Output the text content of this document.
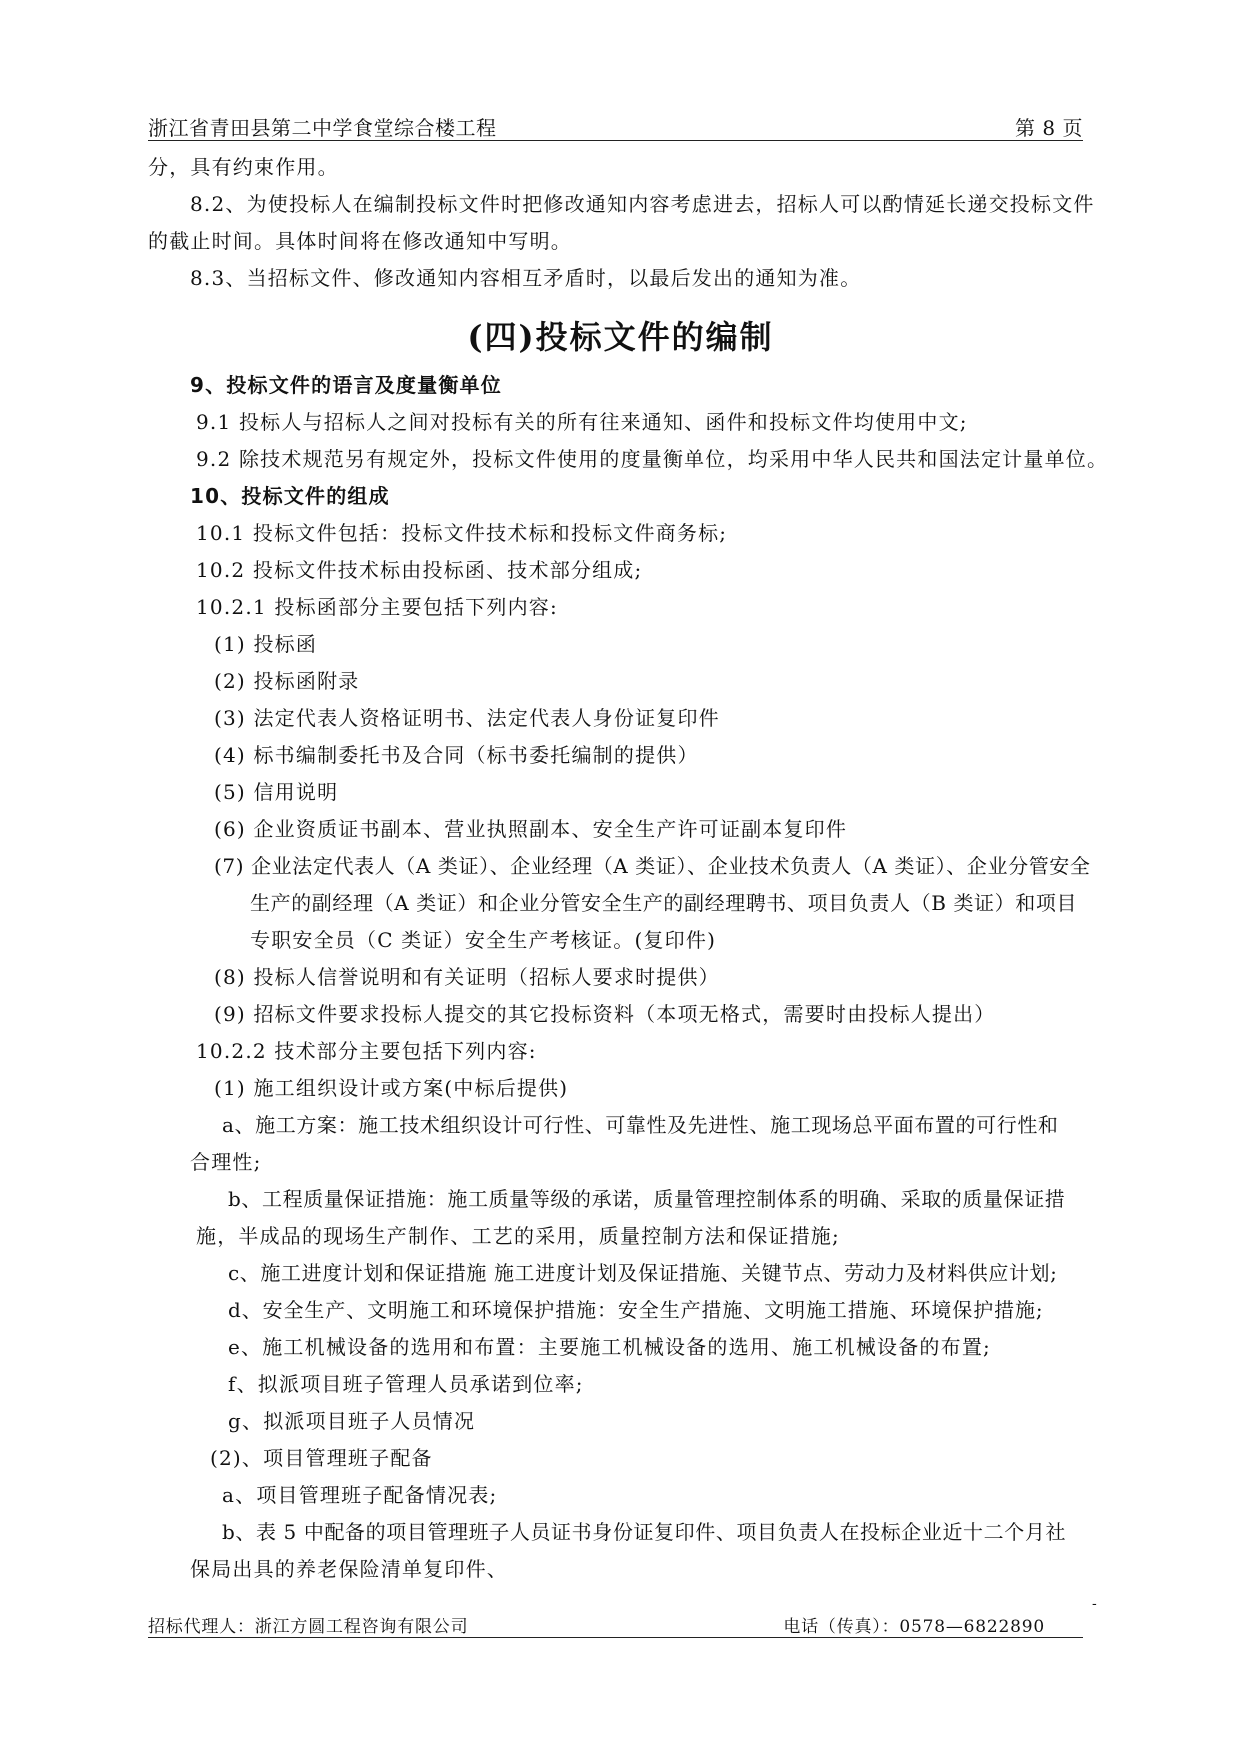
浙江省青田县第二中学食堂综合楼工程	第 8 页
分，具有约束作用。
8.2、为使投标人在编制投标文件时把修改通知内容考虑进去，招标人可以酌情延长递交投标文件
的截止时间。具体时间将在修改通知中写明。
8.3、当招标文件、修改通知内容相互矛盾时，以最后发出的通知为准。
(四)投标文件的编制
9、投标文件的语言及度量衡单位
9.1 投标人与招标人之间对投标有关的所有往来通知、函件和投标文件均使用中文;
9.2 除技术规范另有规定外，投标文件使用的度量衡单位，均采用中华人民共和国法定计量单位。
10、投标文件的组成
10.1 投标文件包括：投标文件技术标和投标文件商务标;
10.2 投标文件技术标由投标函、技术部分组成;
10.2.1 投标函部分主要包括下列内容:
(1) 投标函
(2) 投标函附录
(3) 法定代表人资格证明书、法定代表人身份证复印件
(4) 标书编制委托书及合同（标书委托编制的提供）
(5) 信用说明
(6) 企业资质证书副本、营业执照副本、安全生产许可证副本复印件
(7) 企业法定代表人（A 类证）、企业经理（A 类证）、企业技术负责人（A 类证）、企业分管安全
生产的副经理（A 类证）和企业分管安全生产的副经理聘书、项目负责人（B 类证）和项目
专职安全员（C 类证）安全生产考核证。(复印件)
(8) 投标人信誉说明和有关证明（招标人要求时提供）
(9) 招标文件要求投标人提交的其它投标资料（本项无格式，需要时由投标人提出）
10.2.2 技术部分主要包括下列内容:
(1) 施工组织设计或方案(中标后提供)
a、施工方案：施工技术组织设计可行性、可靠性及先进性、施工现场总平面布置的可行性和
合理性;
b、工程质量保证措施：施工质量等级的承诺，质量管理控制体系的明确、采取的质量保证措
施，半成品的现场生产制作、工艺的采用，质量控制方法和保证措施;
c、施工进度计划和保证措施 施工进度计划及保证措施、关键节点、劳动力及材料供应计划;
d、安全生产、文明施工和环境保护措施：安全生产措施、文明施工措施、环境保护措施;
e、施工机械设备的选用和布置：主要施工机械设备的选用、施工机械设备的布置;
f、拟派项目班子管理人员承诺到位率;
g、拟派项目班子人员情况
(2)、项目管理班子配备
a、项目管理班子配备情况表;
b、表 5 中配备的项目管理班子人员证书身份证复印件、项目负责人在投标企业近十二个月社
保局出具的养老保险清单复印件、
-
招标代理人：浙江方圆工程咨询有限公司	电话（传真）：0578—6822890
